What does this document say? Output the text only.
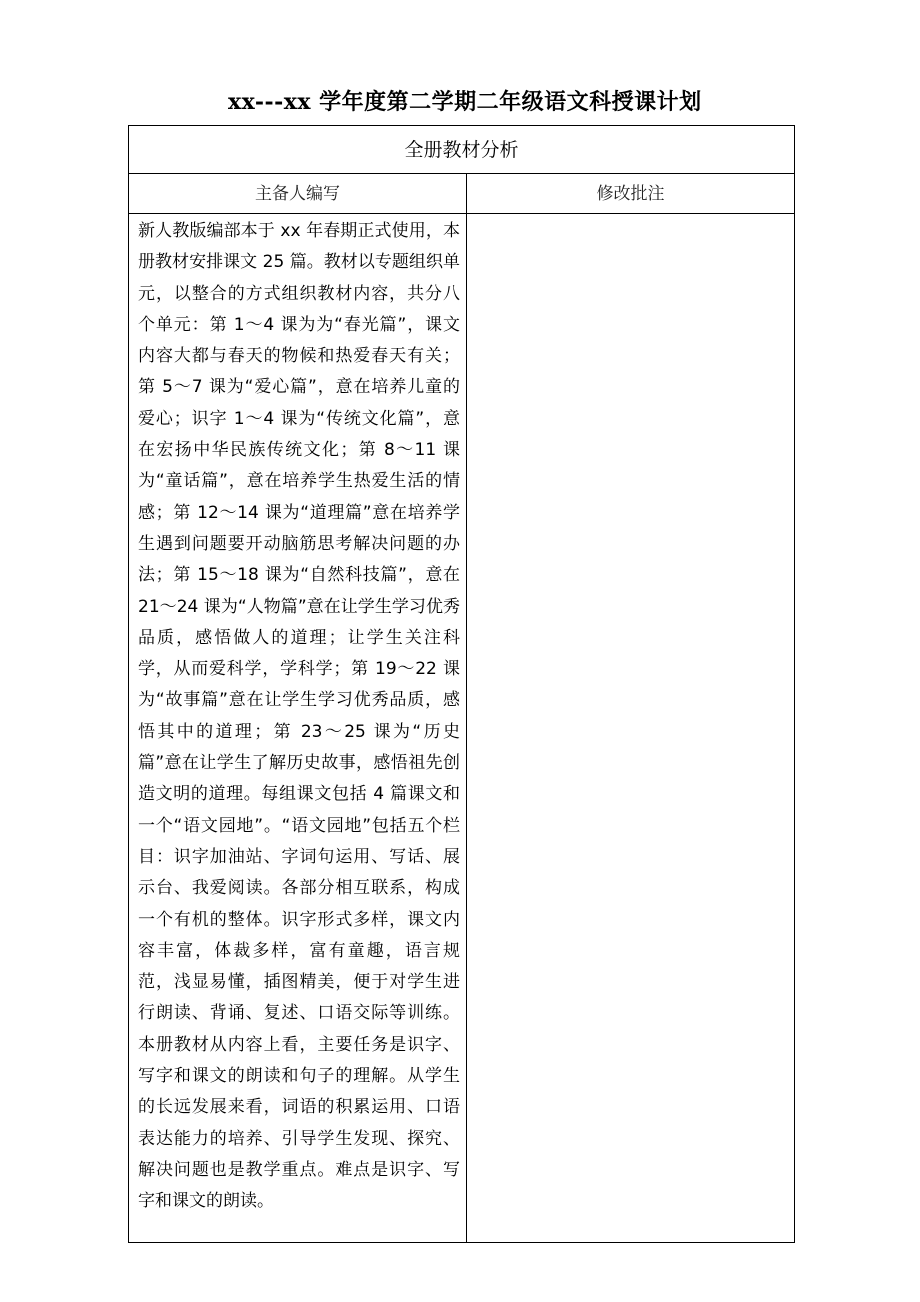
xx---xx 学年度第二学期二年级语文科授课计划
全册教材分析
主备人编写	修改批注

新人教版编部本于 xx 年春期正式使用，本册教材安排课文 25 篇。教材以专题组织单元，以整合的方式组织教材内容，共分八个单元：第 1～4 课为为“春光篇”，课文内容大都与春天的物候和热爱春天有关；第 5～7 课为“爱心篇”，意在培养儿童的爱心；识字 1～4 课为“传统文化篇”，意在宏扬中华民族传统文化；第 8～11 课为“童话篇”，意在培养学生热爱生活的情感；第 12～14 课为“道理篇”意在培养学生遇到问题要开动脑筋思考解决问题的办法；第 15～18 课为“自然科技篇”，意在 21～24 课为“人物篇”意在让学生学习优秀品质，感悟做人的道理；让学生关注科学，从而爱科学，学科学；第 19～22 课为“故事篇”意在让学生学习优秀品质，感悟其中的道理；第 23～25 课为“历史篇”意在让学生了解历史故事，感悟祖先创造文明的道理。每组课文包括 4 篇课文和一个“语文园地”。“语文园地”包括五个栏目：识字加油站、字词句运用、写话、展示台、我爱阅读。各部分相互联系，构成一个有机的整体。识字形式多样，课文内容丰富，体裁多样，富有童趣，语言规范，浅显易懂，插图精美，便于对学生进行朗读、背诵、复述、口语交际等训练。本册教材从内容上看，主要任务是识字、写字和课文的朗读和句子的理解。从学生的长远发展来看，词语的积累运用、口语表达能力的培养、引导学生发现、探究、解决问题也是教学重点。难点是识字、写字和课文的朗读。
